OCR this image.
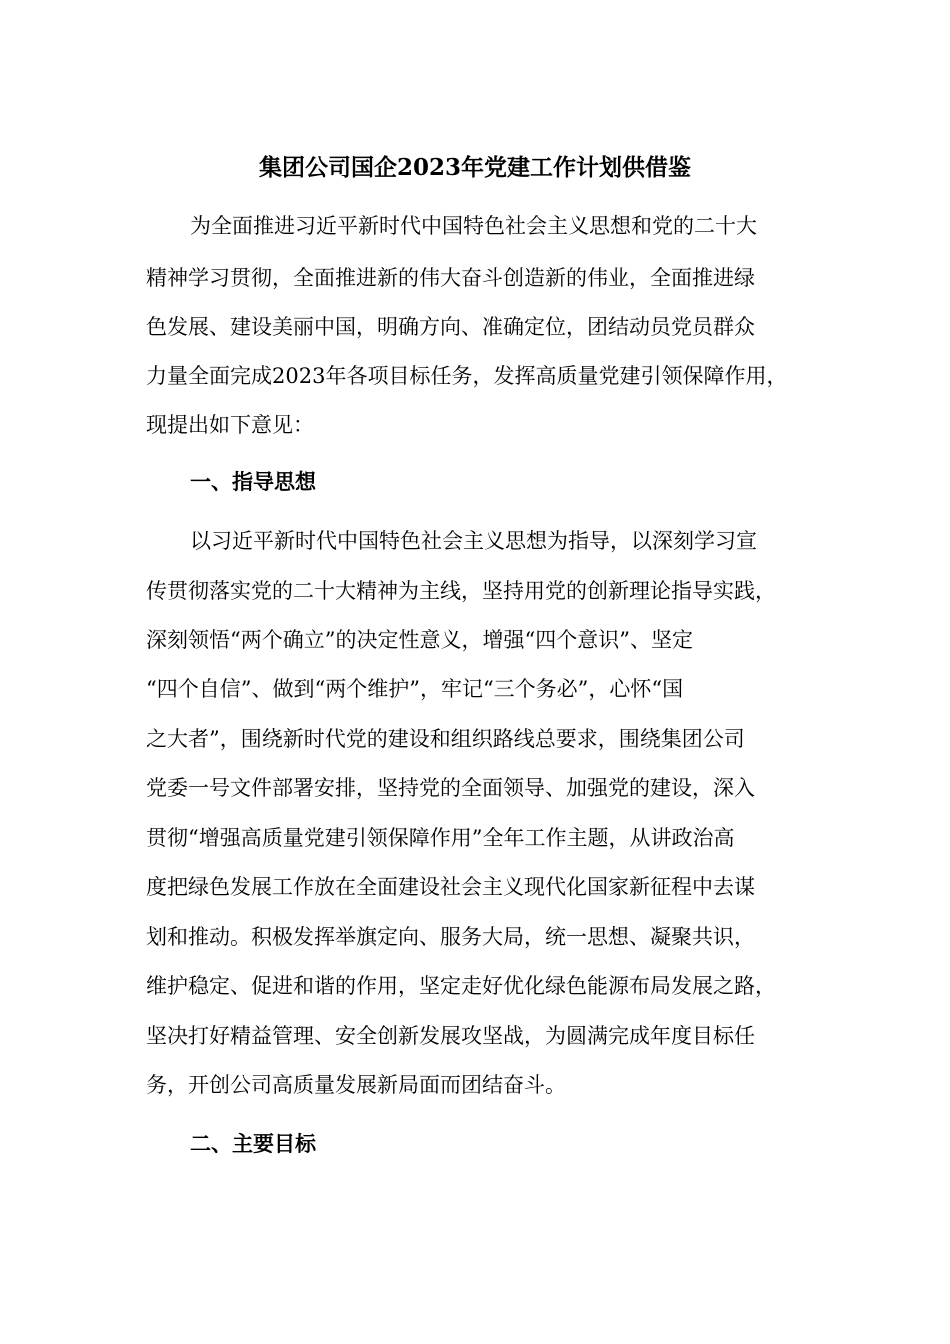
集团公司国企2023年党建工作计划供借鉴
为全面推进习近平新时代中国特色社会主义思想和党的二十大
精神学习贯彻，全面推进新的伟大奋斗创造新的伟业，全面推进绿
色发展、建设美丽中国，明确方向、准确定位，团结动员党员群众
力量全面完成2023年各项目标任务，发挥高质量党建引领保障作用，
现提出如下意见：
一、指导思想
以习近平新时代中国特色社会主义思想为指导，以深刻学习宣
传贯彻落实党的二十大精神为主线，坚持用党的创新理论指导实践，
深刻领悟“两个确立”的决定性意义，增强“四个意识”、坚定
“四个自信”、做到“两个维护”，牢记“三个务必”，心怀“国
之大者”，围绕新时代党的建设和组织路线总要求，围绕集团公司
党委一号文件部署安排，坚持党的全面领导、加强党的建设，深入
贯彻“增强高质量党建引领保障作用”全年工作主题，从讲政治高
度把绿色发展工作放在全面建设社会主义现代化国家新征程中去谋
划和推动。积极发挥举旗定向、服务大局，统一思想、凝聚共识，
维护稳定、促进和谐的作用，坚定走好优化绿色能源布局发展之路，
坚决打好精益管理、安全创新发展攻坚战，为圆满完成年度目标任
务，开创公司高质量发展新局面而团结奋斗。
二、主要目标
